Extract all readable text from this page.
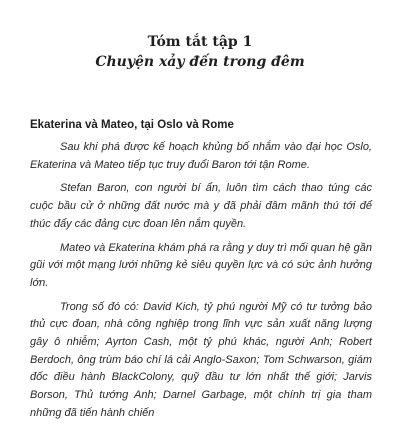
Tóm tắt tập 1
Chuyện xảy đến trong đêm
Ekaterina và Mateo, tại Oslo và Rome

Sau khi phá được kế hoạch khủng bố nhắm vào đại học Oslo, Ekaterina và Mateo tiếp tục truy đuổi Baron tới tận Rome.

Stefan Baron, con người bí ẩn, luôn tìm cách thao túng các cuộc bầu cử ở những đất nước mà y đã phải đâm mãnh thú tới để thúc đẩy các đảng cực đoan lên nắm quyền.

Mateo và Ekaterina khám phá ra rằng y duy trì mối quan hệ gần gũi với một mạng lưới những kẻ siêu quyền lực và có sức ảnh hưởng lớn.

Trong số đó có: David Kich, tỷ phú người Mỹ có tư tưởng bảo thủ cực đoan, nhà công nghiệp trong lĩnh vực sản xuất năng lượng gây ô nhiễm; Ayrton Cash, một tỷ phú khác, người Anh; Robert Berdoch, ông trùm báo chí lá cải Anglo-Saxon; Tom Schwarson, giám đốc điều hành BlackColony, quỹ đầu tư lớn nhất thế giới; Jarvis Borson, Thủ tướng Anh; Darnel Garbage, một chính trị gia tham những đã tiến hành chiến
